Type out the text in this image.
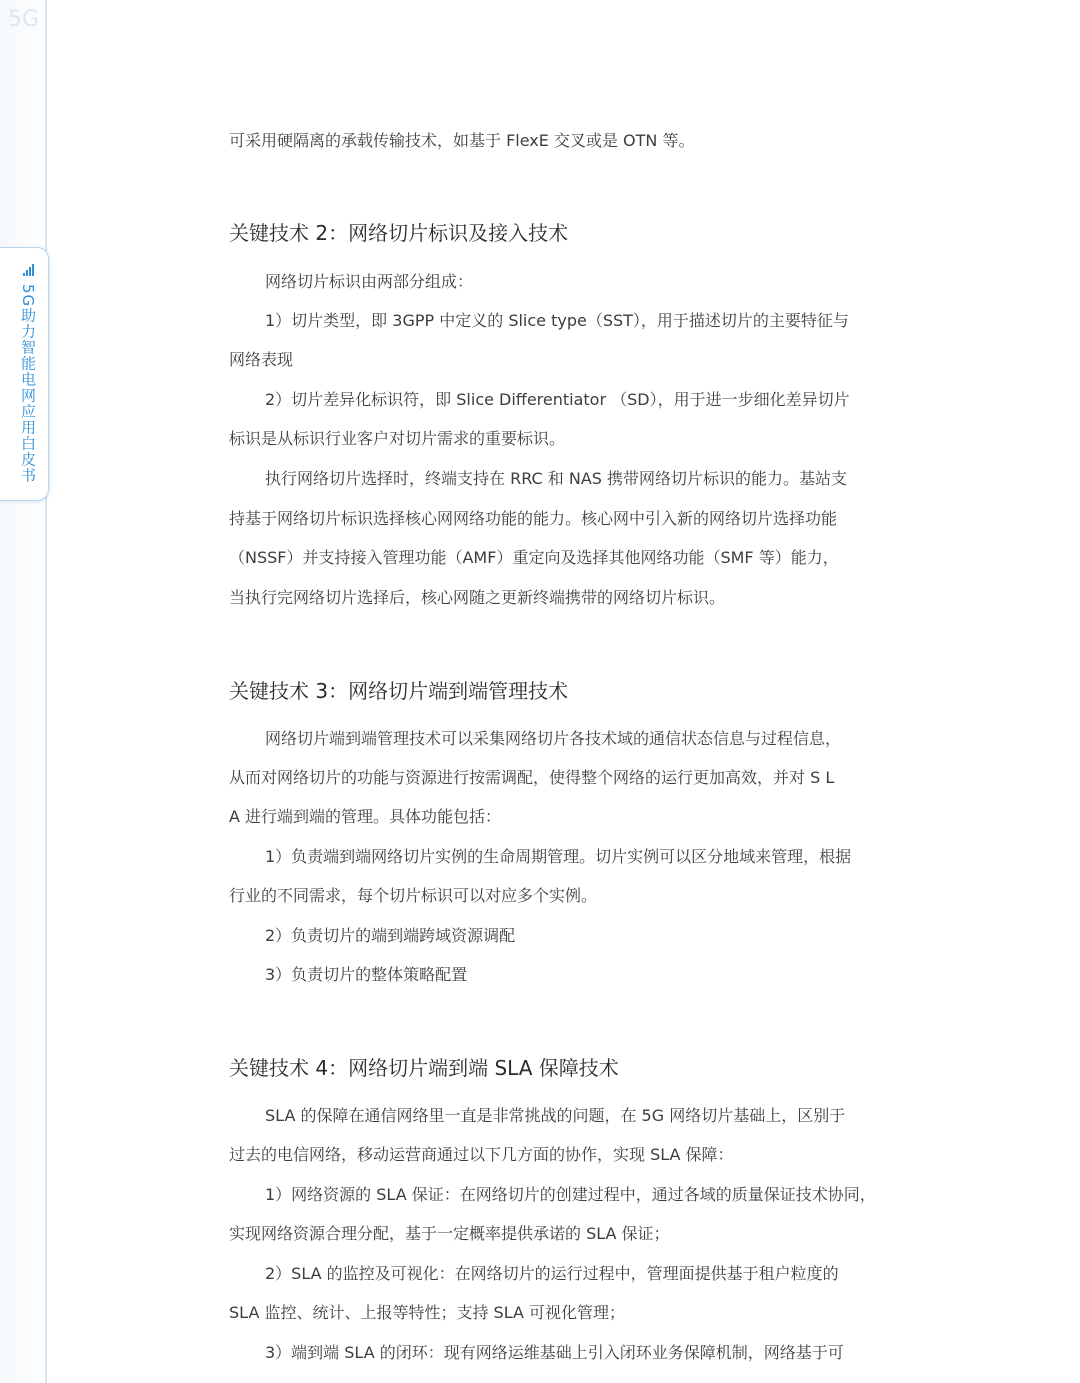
5G
5G助力智能电网应用白皮书
可采用硬隔离的承载传输技术，如基于 FlexE 交叉或是 OTN 等。
关键技术 2：网络切片标识及接入技术
网络切片标识由两部分组成：
1）切片类型，即 3GPP 中定义的 Slice type（SST），用于描述切片的主要特征与
网络表现
2）切片差异化标识符，即 Slice Differentiator （SD），用于进一步细化差异切片
标识是从标识行业客户对切片需求的重要标识。
执行网络切片选择时，终端支持在 RRC 和 NAS 携带网络切片标识的能力。基站支
持基于网络切片标识选择核心网网络功能的能力。核心网中引入新的网络切片选择功能
（NSSF）并支持接入管理功能（AMF）重定向及选择其他网络功能（SMF 等）能力，
当执行完网络切片选择后，核心网随之更新终端携带的网络切片标识。
关键技术 3：网络切片端到端管理技术
网络切片端到端管理技术可以采集网络切片各技术域的通信状态信息与过程信息，
从而对网络切片的功能与资源进行按需调配，使得整个网络的运行更加高效，并对 S L
A 进行端到端的管理。具体功能包括：
1）负责端到端网络切片实例的生命周期管理。切片实例可以区分地域来管理，根据
行业的不同需求，每个切片标识可以对应多个实例。
2）负责切片的端到端跨域资源调配
3）负责切片的整体策略配置
关键技术 4：网络切片端到端 SLA 保障技术
SLA 的保障在通信网络里一直是非常挑战的问题，在 5G 网络切片基础上，区别于
过去的电信网络，移动运营商通过以下几方面的协作，实现 SLA 保障：
1）网络资源的 SLA 保证：在网络切片的创建过程中，通过各域的质量保证技术协同，
实现网络资源合理分配，基于一定概率提供承诺的 SLA 保证；
2）SLA 的监控及可视化：在网络切片的运行过程中，管理面提供基于租户粒度的
SLA 监控、统计、上报等特性；支持 SLA 可视化管理；
3）端到端 SLA 的闭环：现有网络运维基础上引入闭环业务保障机制，网络基于可
